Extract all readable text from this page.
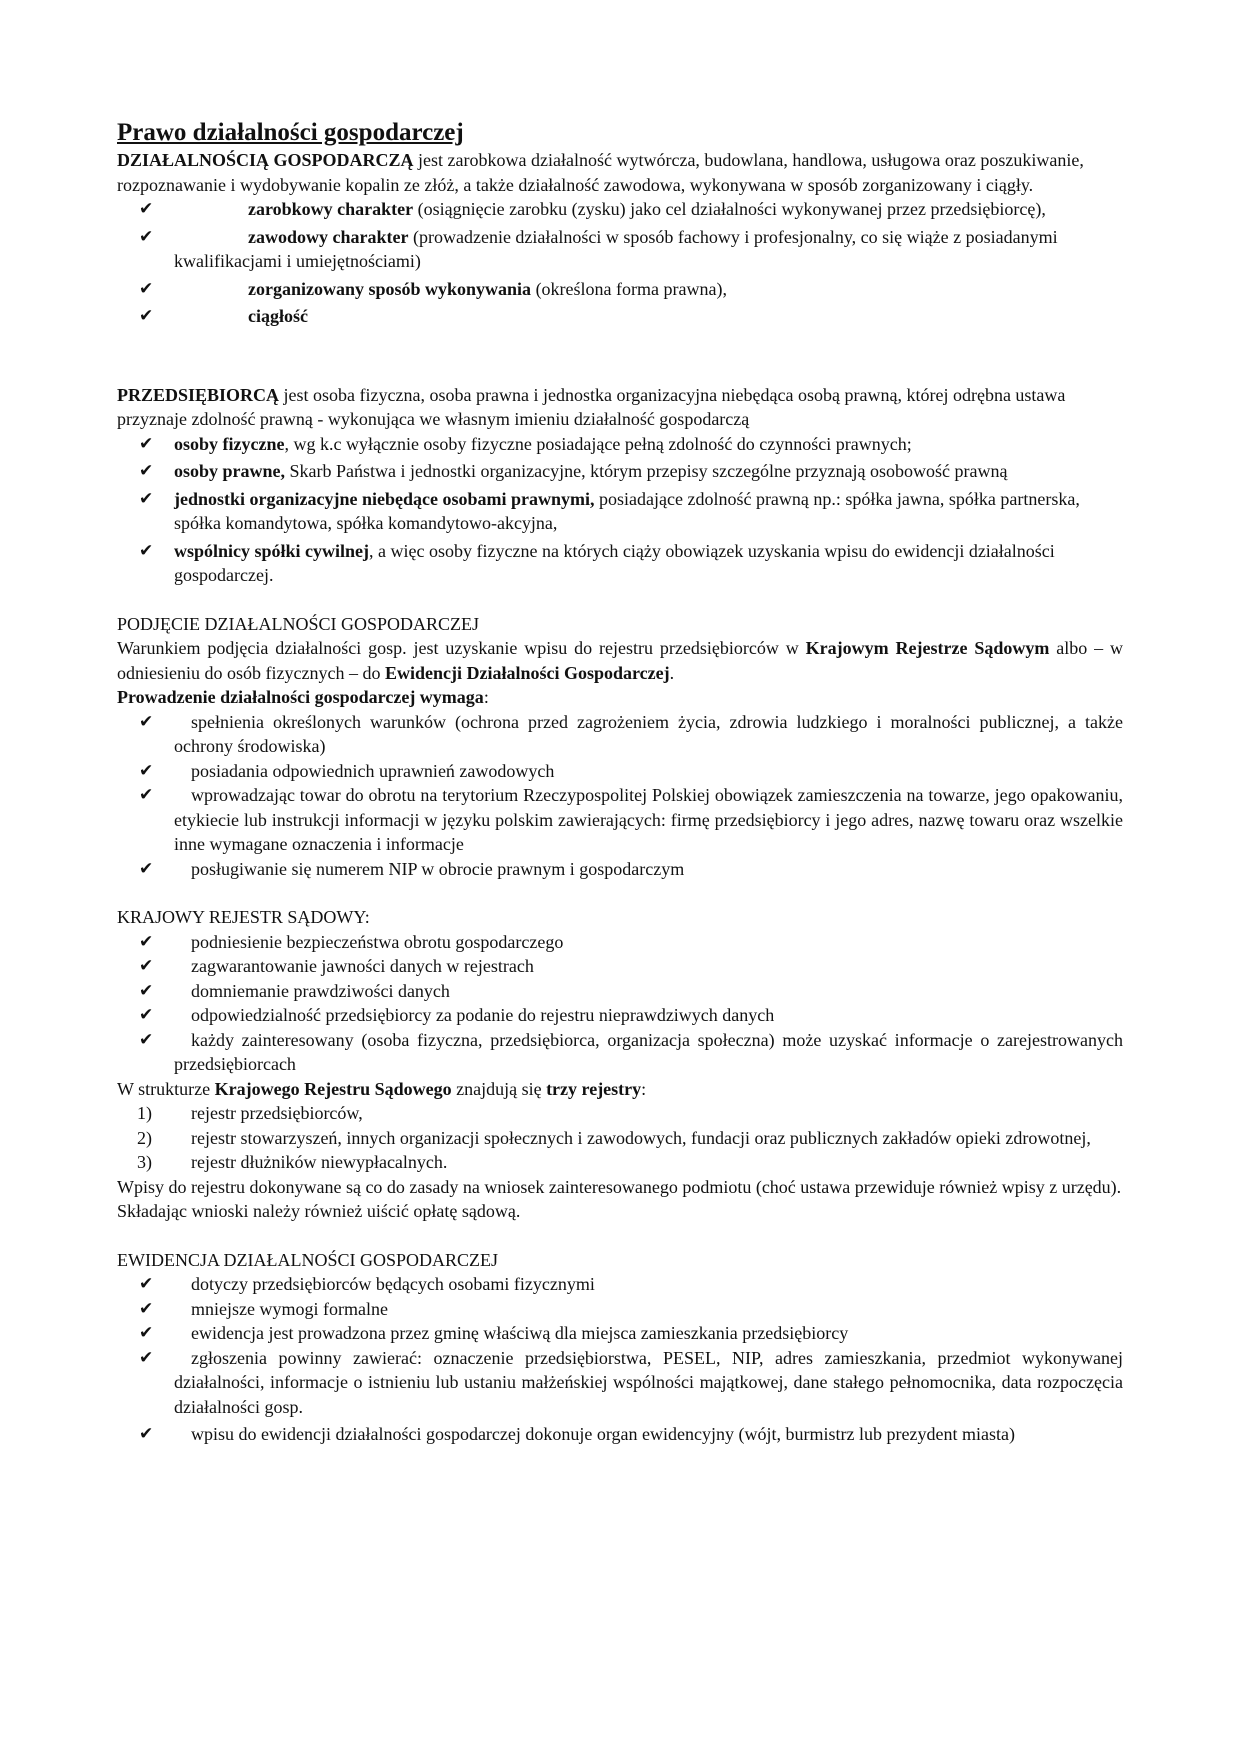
Prawo działalności gospodarczej

DZIAŁALNOŚCIĄ GOSPODARCZĄ jest zarobkowa działalność wytwórcza, budowlana, handlowa, usługowa oraz poszukiwanie, rozpoznawanie i wydobywanie kopalin ze złóż, a także działalność zawodowa, wykonywana w sposób zorganizowany i ciągły.

✔ zarobkowy charakter (osiągnięcie zarobku (zysku) jako cel działalności wykonywanej przez przedsiębiorcę),
✔ zawodowy charakter (prowadzenie działalności w sposób fachowy i profesjonalny, co się wiąże z posiadanymi kwalifikacjami i umiejętnościami)
✔ zorganizowany sposób wykonywania (określona forma prawna),
✔ ciągłość

PRZEDSIĘBIORCĄ jest osoba fizyczna, osoba prawna i jednostka organizacyjna niebędąca osobą prawną, której odrębna ustawa przyznaje zdolność prawną - wykonująca we własnym imieniu działalność gospodarczą

✔ osoby fizyczne, wg k.c wyłącznie osoby fizyczne posiadające pełną zdolność do czynności prawnych;
✔ osoby prawne, Skarb Państwa i jednostki organizacyjne, którym przepisy szczególne przyznają osobowość prawną
✔ jednostki organizacyjne niebędące osobami prawnymi, posiadające zdolność prawną np.: spółka jawna, spółka partnerska, spółka komandytowa, spółka komandytowo-akcyjna,
✔ wspólnicy spółki cywilnej, a więc osoby fizyczne na których ciąży obowiązek uzyskania wpisu do ewidencji działalności gospodarczej.

PODJĘCIE DZIAŁALNOŚCI GOSPODARCZEJ

Warunkiem podjęcia działalności gosp. jest uzyskanie wpisu do rejestru przedsiębiorców w Krajowym Rejestrze Sądowym albo – w odniesieniu do osób fizycznych – do Ewidencji Działalności Gospodarczej.

Prowadzenie działalności gospodarczej wymaga:

✔ spełnienia określonych warunków (ochrona przed zagrożeniem życia, zdrowia ludzkiego i moralności publicznej, a także ochrony środowiska)
✔ posiadania odpowiednich uprawnień zawodowych
✔ wprowadzając towar do obrotu na terytorium Rzeczypospolitej Polskiej obowiązek zamieszczenia na towarze, jego opakowaniu, etykiecie lub instrukcji informacji w języku polskim zawierających: firmę przedsiębiorcy i jego adres, nazwę towaru oraz wszelkie inne wymagane oznaczenia i informacje
✔ posługiwanie się numerem NIP w obrocie prawnym i gospodarczym

KRAJOWY REJESTR SĄDOWY:

✔ podniesienie bezpieczeństwa obrotu gospodarczego
✔ zagwarantowanie jawności danych w rejestrach
✔ domniemanie prawdziwości danych
✔ odpowiedzialność przedsiębiorcy za podanie do rejestru nieprawdziwych danych
✔ każdy zainteresowany (osoba fizyczna, przedsiębiorca, organizacja społeczna) może uzyskać informacje o zarejestrowanych przedsiębiorcach

W strukturze Krajowego Rejestru Sądowego znajdują się trzy rejestry:

1) rejestr przedsiębiorców,
2) rejestr stowarzyszeń, innych organizacji społecznych i zawodowych, fundacji oraz publicznych zakładów opieki zdrowotnej,
3) rejestr dłużników niewypłacalnych.

Wpisy do rejestru dokonywane są co do zasady na wniosek zainteresowanego podmiotu (choć ustawa przewiduje również wpisy z urzędu). Składając wnioski należy również uiścić opłatę sądową.

EWIDENCJA DZIAŁALNOŚCI GOSPODARCZEJ

✔ dotyczy przedsiębiorców będących osobami fizycznymi
✔ mniejsze wymogi formalne
✔ ewidencja jest prowadzona przez gminę właściwą dla miejsca zamieszkania przedsiębiorcy
✔ zgłoszenia powinny zawierać: oznaczenie przedsiębiorstwa, PESEL, NIP, adres zamieszkania, przedmiot wykonywanej działalności, informacje o istnieniu lub ustaniu małżeńskiej wspólności majątkowej, dane stałego pełnomocnika, data rozpoczęcia działalności gosp.
✔ wpisu do ewidencji działalności gospodarczej dokonuje organ ewidencyjny (wójt, burmistrz lub prezydent miasta)
